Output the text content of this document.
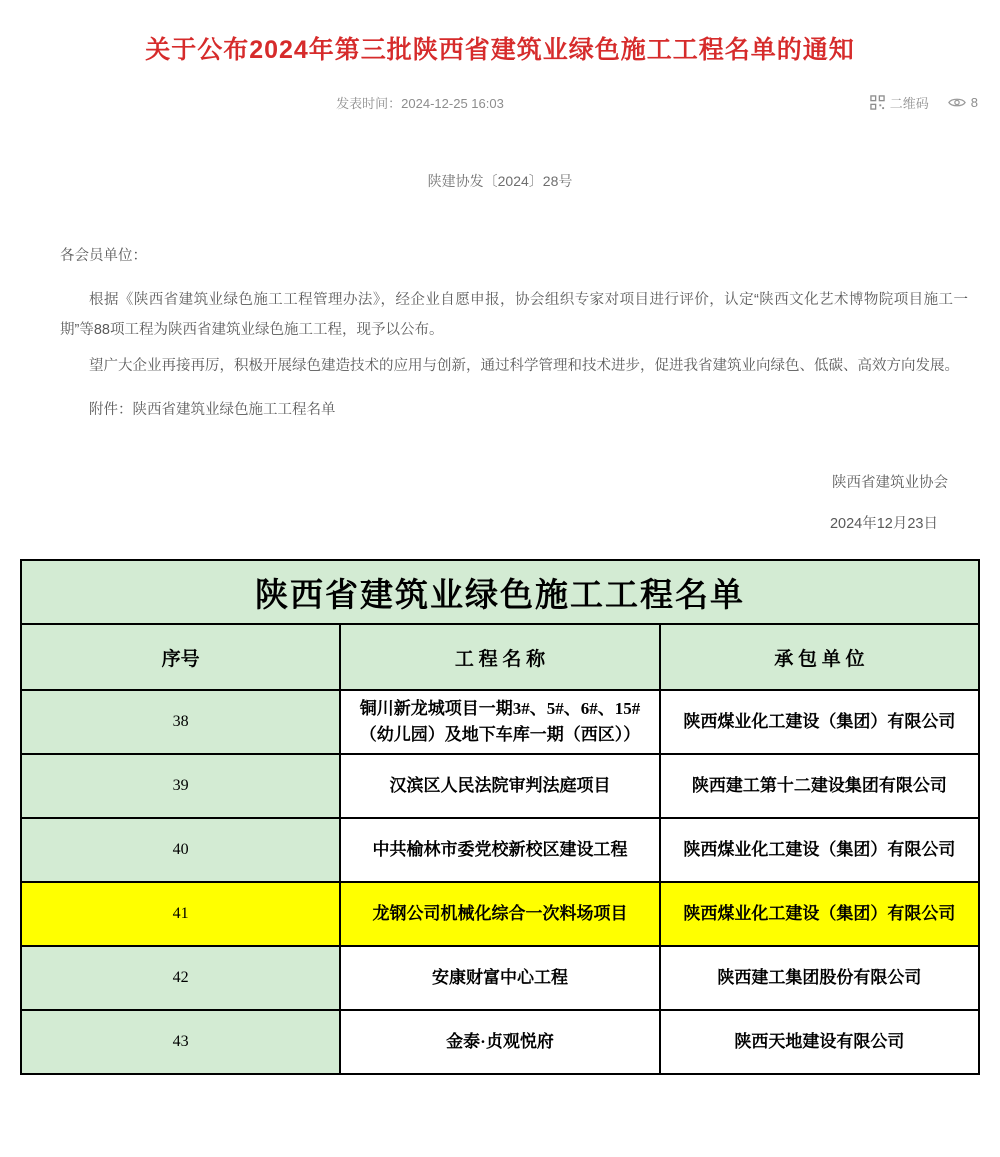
关于公布2024年第三批陕西省建筑业绿色施工工程名单的通知
发表时间：2024-12-25 16:03	二维码	8
陕建协发〔2024〕28号

各会员单位：

根据《陕西省建筑业绿色施工工程管理办法》，经企业自愿申报，协会组织专家对项目进行评价，认定“陕西文化艺术博物院项目施工一期”等88项工程为陕西省建筑业绿色施工工程，现予以公布。

望广大企业再接再厉，积极开展绿色建造技术的应用与创新，通过科学管理和技术进步，促进我省建筑业向绿色、低碳、高效方向发展。

附件：陕西省建筑业绿色施工工程名单

陕西省建筑业协会
2024年12月23日
陕西省建筑业绿色施工工程名单		
序号	工 程 名 称	承 包 单 位
38	铜川新龙城项目一期3#、5#、6#、15#（幼儿园）及地下车库一期（西区））	陕西煤业化工建设（集团）有限公司
39	汉滨区人民法院审判法庭项目	陕西建工第十二建设集团有限公司
40	中共榆林市委党校新校区建设工程	陕西煤业化工建设（集团）有限公司
41	龙钢公司机械化综合一次料场项目	陕西煤业化工建设（集团）有限公司
42	安康财富中心工程	陕西建工集团股份有限公司
43	金泰·贞观悦府	陕西天地建设有限公司
